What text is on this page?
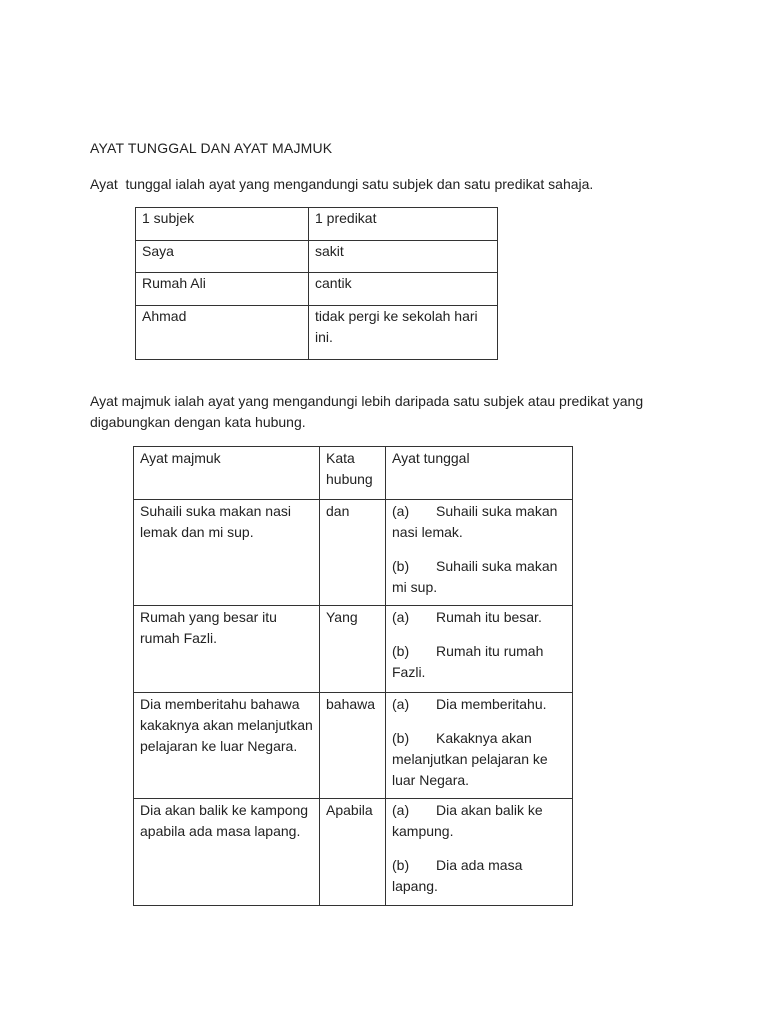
AYAT TUNGGAL DAN AYAT MAJMUK
Ayat  tunggal ialah ayat yang mengandungi satu subjek dan satu predikat sahaja.
1 subjek	1 predikat

Saya	sakit

Rumah Ali	cantik

Ahmad	tidak pergi ke sekolah hari ini.
Ayat majmuk ialah ayat yang mengandungi lebih daripada satu subjek atau predikat yang digabungkan dengan kata hubung.
Ayat majmuk	Kata hubung	Ayat tunggal

Suhaili suka makan nasi lemak dan mi sup.	dan	(a) Suhaili suka makan nasi lemak.
(b) Suhaili suka makan mi sup.

Rumah yang besar itu rumah Fazli.	Yang	(a) Rumah itu besar.
(b) Rumah itu rumah Fazli.

Dia memberitahu bahawa kakaknya akan melanjutkan pelajaran ke luar Negara.	bahawa	(a) Dia memberitahu.
(b) Kakaknya akan melanjutkan pelajaran ke luar Negara.

Dia akan balik ke kampong apabila ada masa lapang.	Apabila	(a) Dia akan balik ke kampung.
(b) Dia ada masa lapang.
